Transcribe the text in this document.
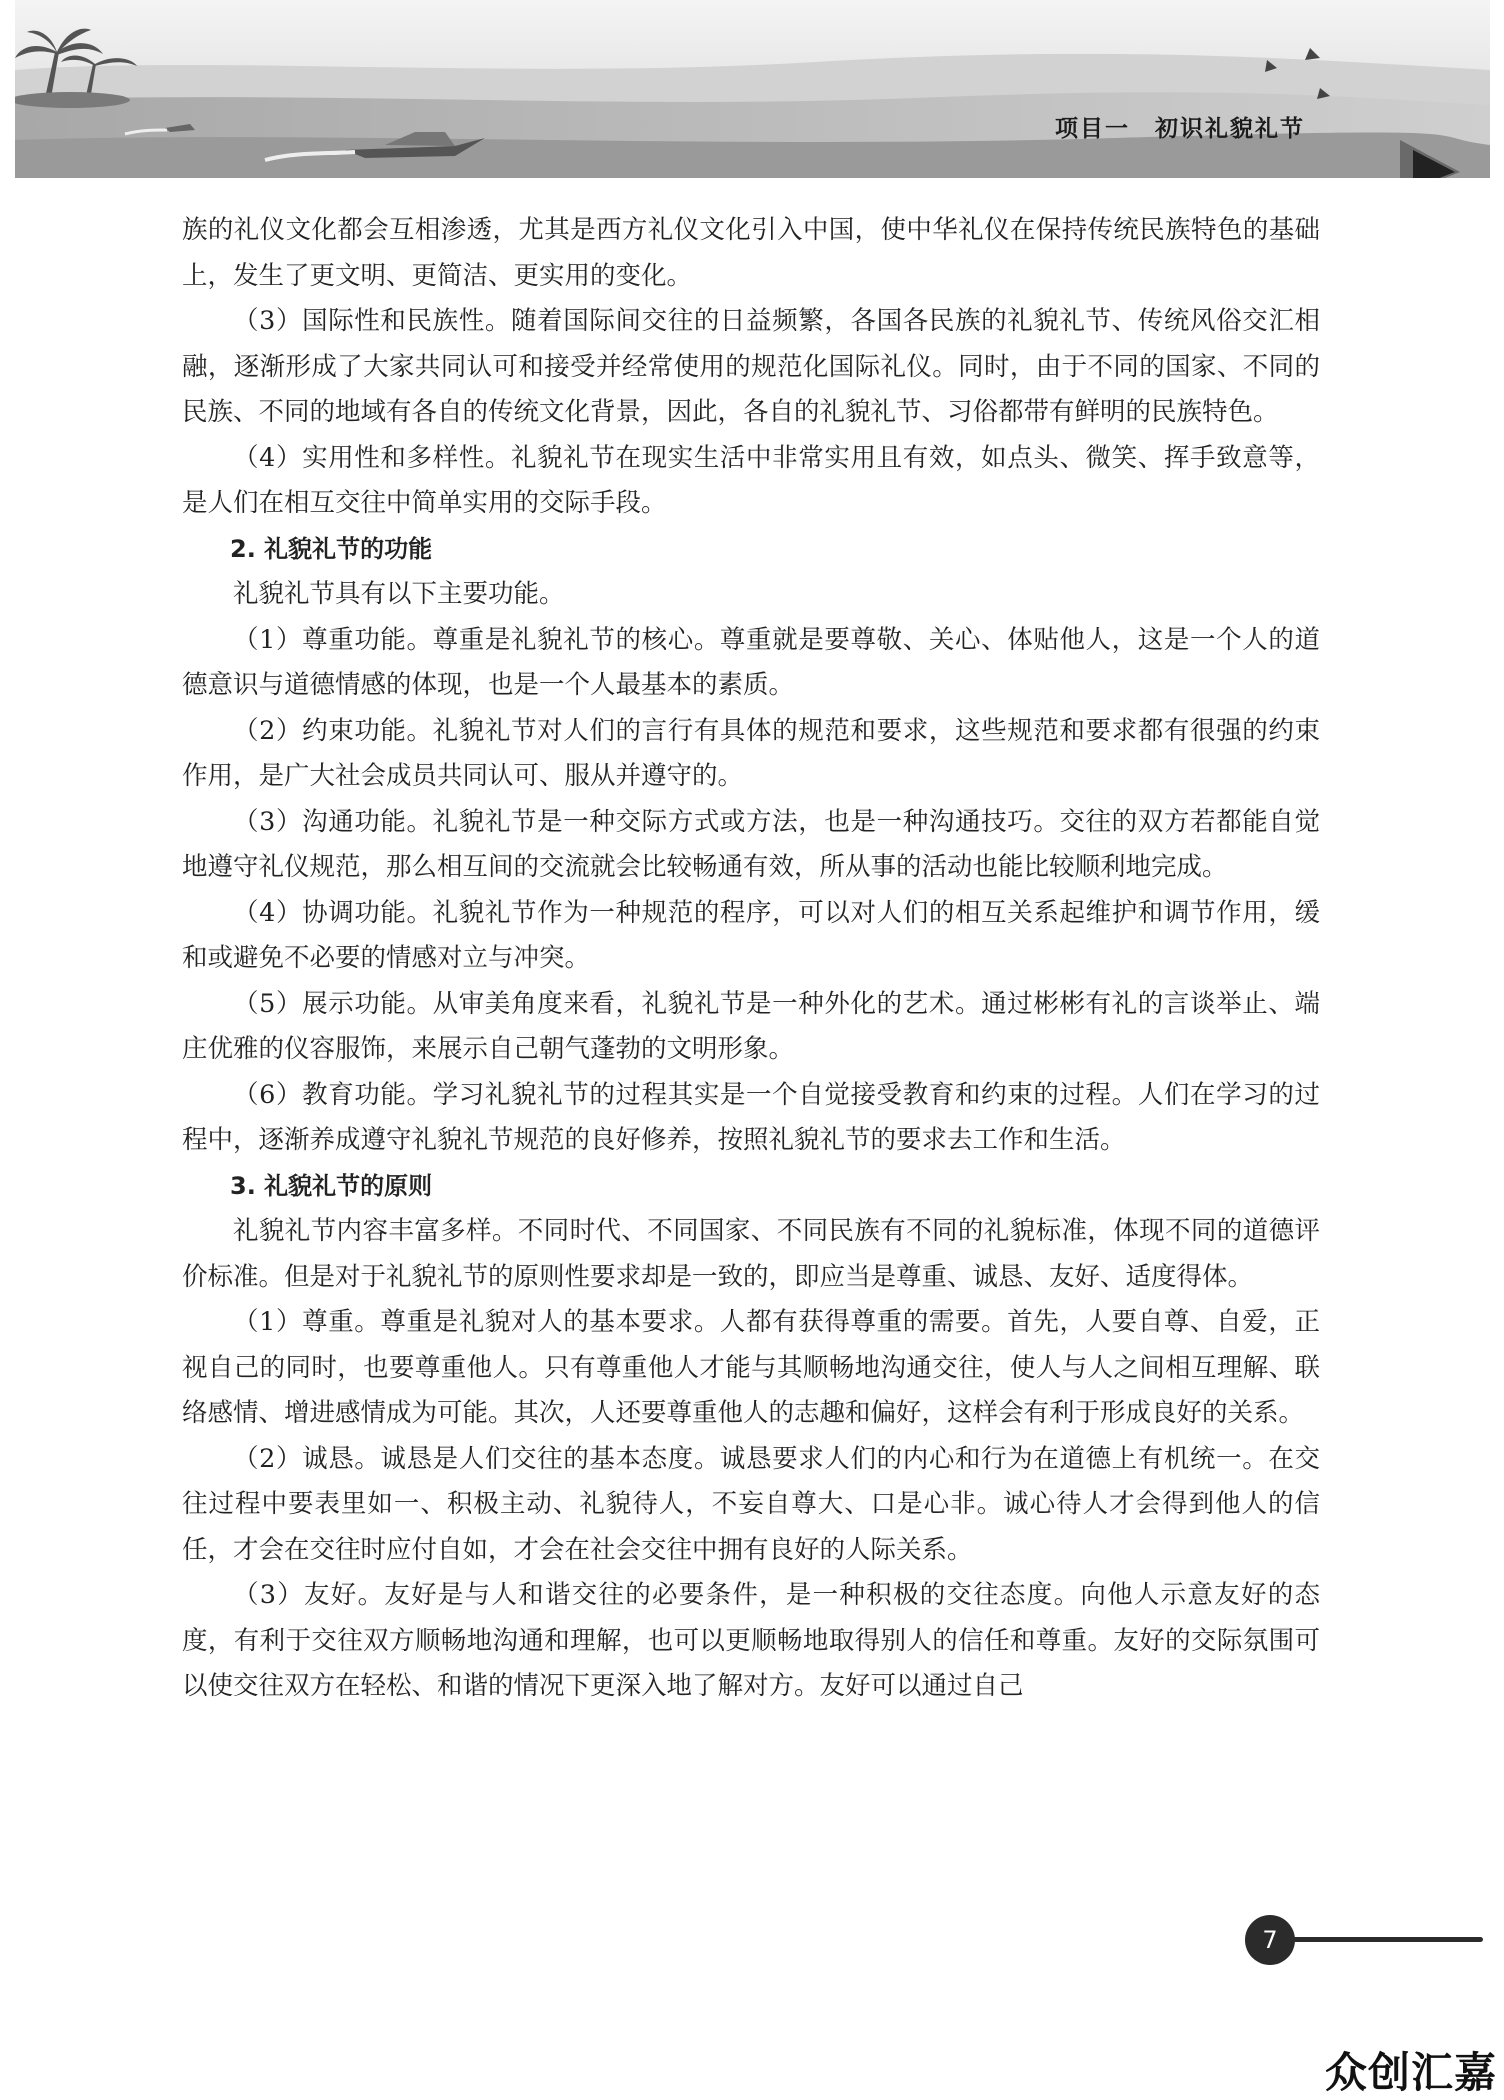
项目一　初识礼貌礼节

族的礼仪文化都会互相渗透，尤其是西方礼仪文化引入中国，使中华礼仪在保持传统民族特色的基础上，发生了更文明、更简洁、更实用的变化。

（3）国际性和民族性。随着国际间交往的日益频繁，各国各民族的礼貌礼节、传统风俗交汇相融，逐渐形成了大家共同认可和接受并经常使用的规范化国际礼仪。同时，由于不同的国家、不同的民族、不同的地域有各自的传统文化背景，因此，各自的礼貌礼节、习俗都带有鲜明的民族特色。

（4）实用性和多样性。礼貌礼节在现实生活中非常实用且有效，如点头、微笑、挥手致意等，是人们在相互交往中简单实用的交际手段。

2. 礼貌礼节的功能

礼貌礼节具有以下主要功能。

（1）尊重功能。尊重是礼貌礼节的核心。尊重就是要尊敬、关心、体贴他人，这是一个人的道德意识与道德情感的体现，也是一个人最基本的素质。

（2）约束功能。礼貌礼节对人们的言行有具体的规范和要求，这些规范和要求都有很强的约束作用，是广大社会成员共同认可、服从并遵守的。

（3）沟通功能。礼貌礼节是一种交际方式或方法，也是一种沟通技巧。交往的双方若都能自觉地遵守礼仪规范，那么相互间的交流就会比较畅通有效，所从事的活动也能比较顺利地完成。

（4）协调功能。礼貌礼节作为一种规范的程序，可以对人们的相互关系起维护和调节作用，缓和或避免不必要的情感对立与冲突。

（5）展示功能。从审美角度来看，礼貌礼节是一种外化的艺术。通过彬彬有礼的言谈举止、端庄优雅的仪容服饰，来展示自己朝气蓬勃的文明形象。

（6）教育功能。学习礼貌礼节的过程其实是一个自觉接受教育和约束的过程。人们在学习的过程中，逐渐养成遵守礼貌礼节规范的良好修养，按照礼貌礼节的要求去工作和生活。

3. 礼貌礼节的原则

礼貌礼节内容丰富多样。不同时代、不同国家、不同民族有不同的礼貌标准，体现不同的道德评价标准。但是对于礼貌礼节的原则性要求却是一致的，即应当是尊重、诚恳、友好、适度得体。

（1）尊重。尊重是礼貌对人的基本要求。人都有获得尊重的需要。首先，人要自尊、自爱，正视自己的同时，也要尊重他人。只有尊重他人才能与其顺畅地沟通交往，使人与人之间相互理解、联络感情、增进感情成为可能。其次，人还要尊重他人的志趣和偏好，这样会有利于形成良好的关系。

（2）诚恳。诚恳是人们交往的基本态度。诚恳要求人们的内心和行为在道德上有机统一。在交往过程中要表里如一、积极主动、礼貌待人，不妄自尊大、口是心非。诚心待人才会得到他人的信任，才会在交往时应付自如，才会在社会交往中拥有良好的人际关系。

（3）友好。友好是与人和谐交往的必要条件，是一种积极的交往态度。向他人示意友好的态度，有利于交往双方顺畅地沟通和理解，也可以更顺畅地取得别人的信任和尊重。友好的交际氛围可以使交往双方在轻松、和谐的情况下更深入地了解对方。友好可以通过自己

7
众创汇嘉
